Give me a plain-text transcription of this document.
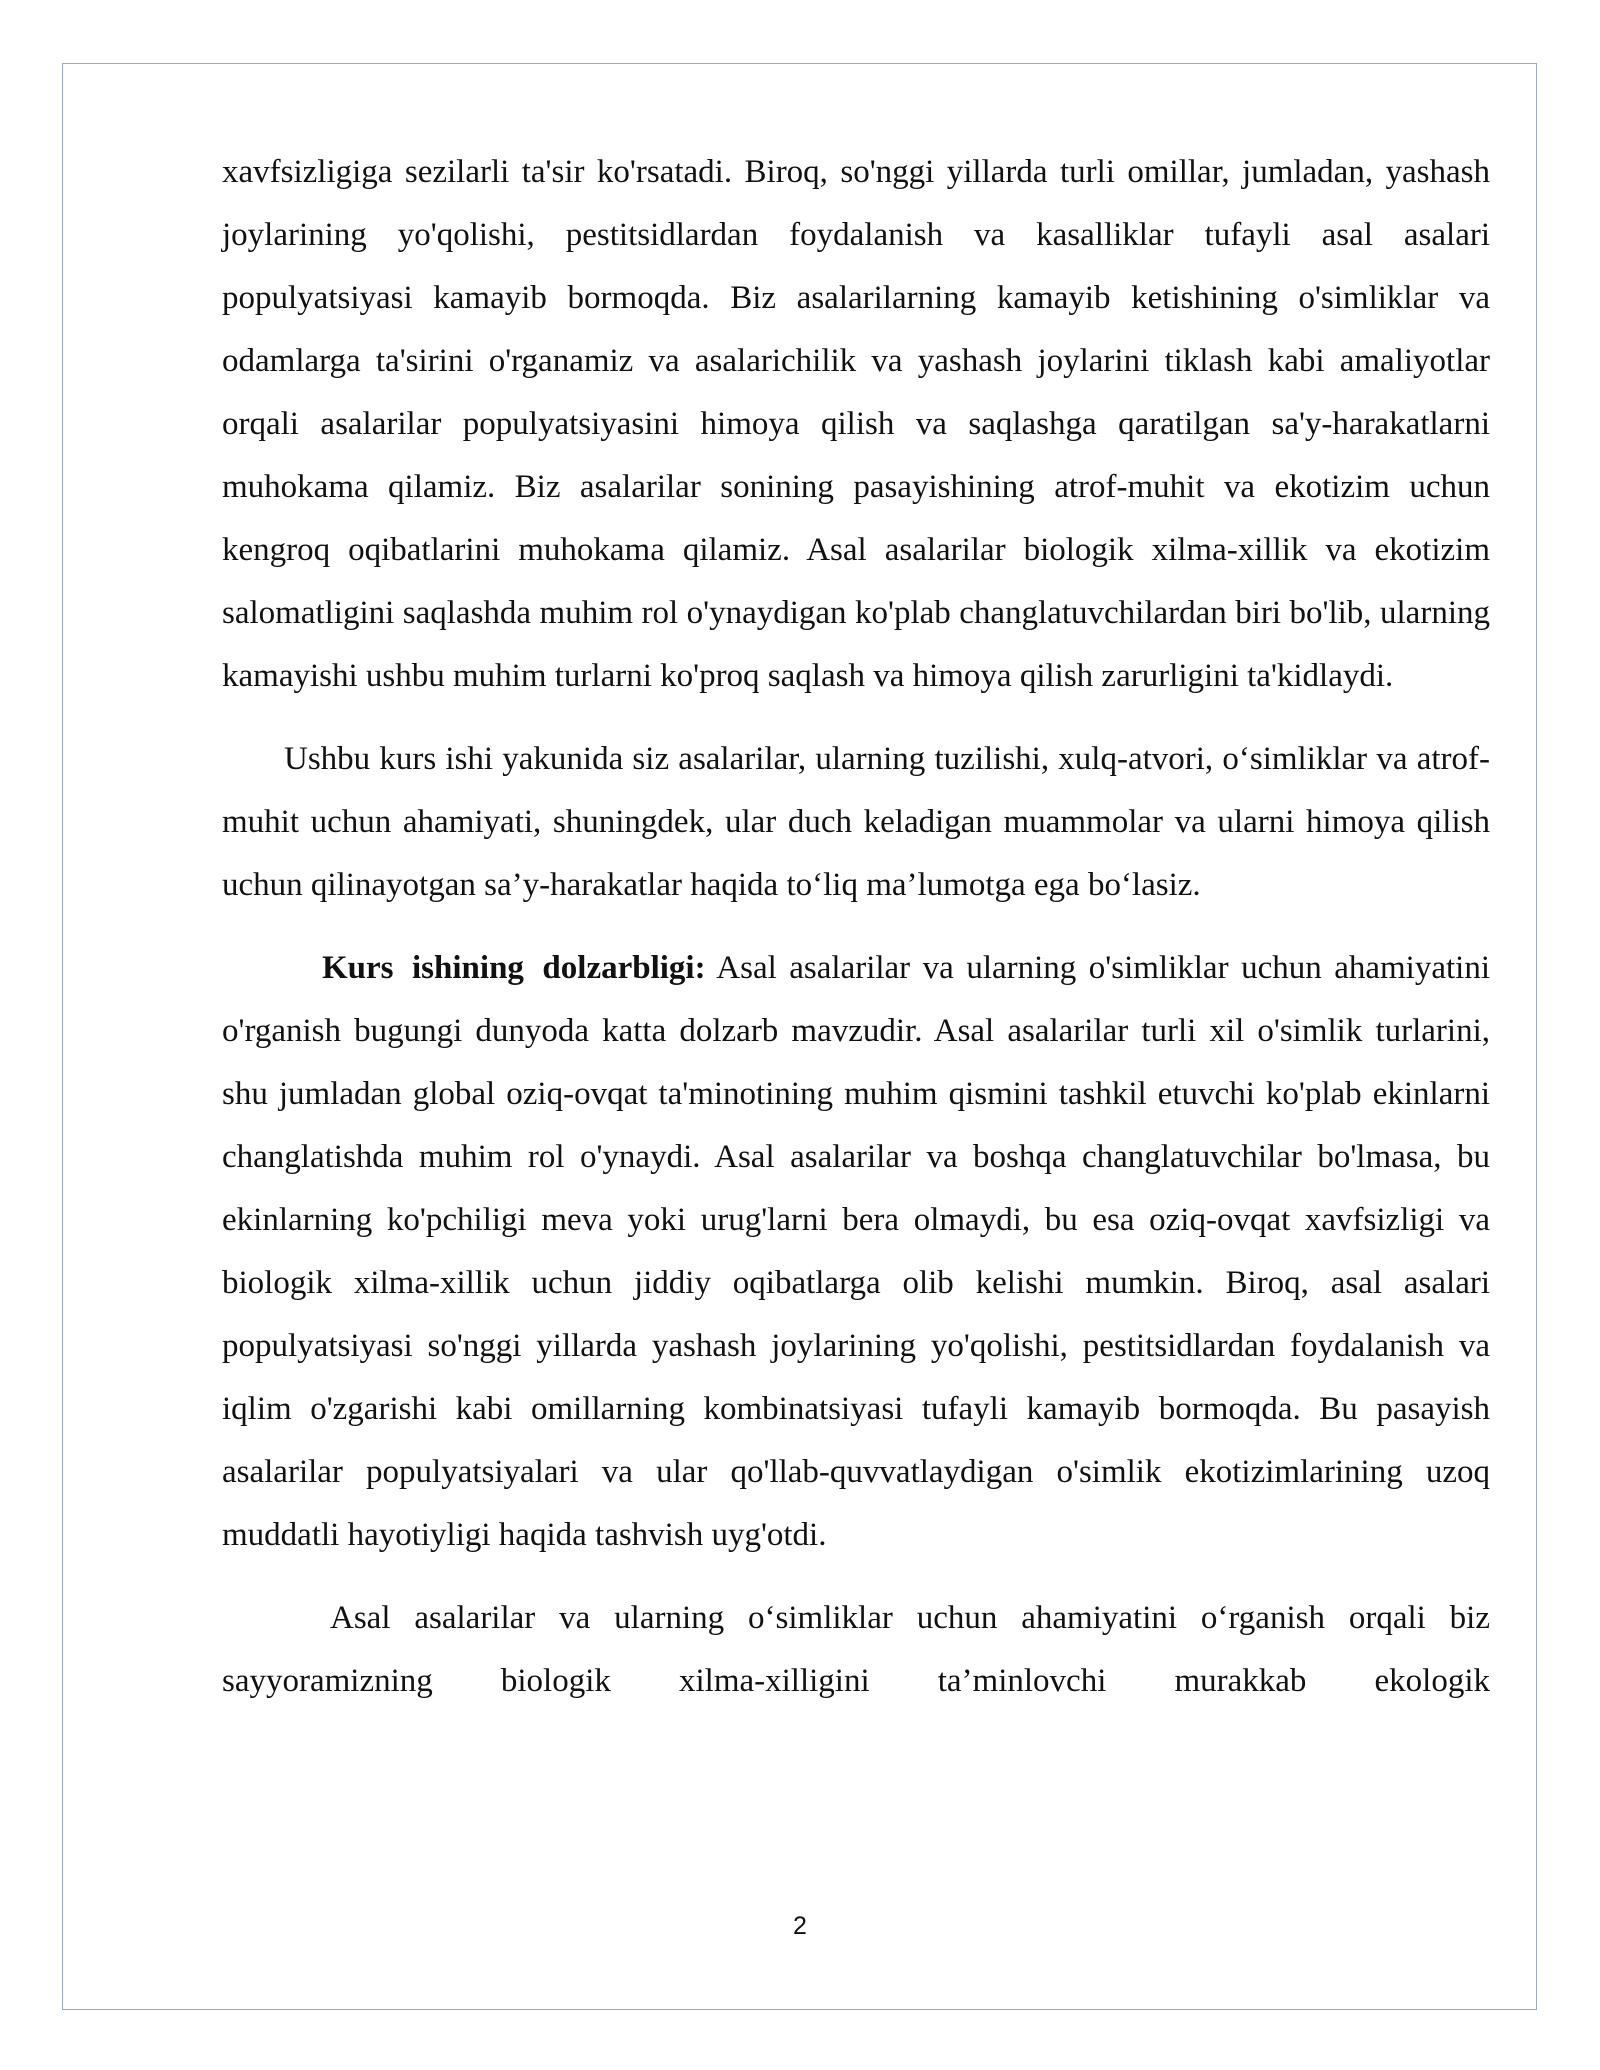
xavfsizligiga sezilarli ta'sir ko'rsatadi. Biroq, so'nggi yillarda turli omillar, jumladan, yashash joylarining yo'qolishi, pestitsidlardan foydalanish va kasalliklar tufayli asal asalari populyatsiyasi kamayib bormoqda. Biz asalarilarning kamayib ketishining o'simliklar va odamlarga ta'sirini o'rganamiz va asalarichilik va yashash joylarini tiklash kabi amaliyotlar orqali asalarilar populyatsiyasini himoya qilish va saqlashga qaratilgan sa'y-harakatlarni muhokama qilamiz. Biz asalarilar sonining pasayishining atrof-muhit va ekotizim uchun kengroq oqibatlarini muhokama qilamiz. Asal asalarilar biologik xilma-xillik va ekotizim salomatligini saqlashda muhim rol o'ynaydigan ko'plab changlatuvchilardan biri bo'lib, ularning kamayishi ushbu muhim turlarni ko'proq saqlash va himoya qilish zarurligini ta'kidlaydi.

Ushbu kurs ishi yakunida siz asalarilar, ularning tuzilishi, xulq-atvori, o‘simliklar va atrof-muhit uchun ahamiyati, shuningdek, ular duch keladigan muammolar va ularni himoya qilish uchun qilinayotgan sa’y-harakatlar haqida to‘liq ma’lumotga ega bo‘lasiz.

Kurs ishining dolzarbligi: Asal asalarilar va ularning o'simliklar uchun ahamiyatini o'rganish bugungi dunyoda katta dolzarb mavzudir. Asal asalarilar turli xil o'simlik turlarini, shu jumladan global oziq-ovqat ta'minotining muhim qismini tashkil etuvchi ko'plab ekinlarni changlatishda muhim rol o'ynaydi. Asal asalarilar va boshqa changlatuvchilar bo'lmasa, bu ekinlarning ko'pchiligi meva yoki urug'larni bera olmaydi, bu esa oziq-ovqat xavfsizligi va biologik xilma-xillik uchun jiddiy oqibatlarga olib kelishi mumkin. Biroq, asal asalari populyatsiyasi so'nggi yillarda yashash joylarining yo'qolishi, pestitsidlardan foydalanish va iqlim o'zgarishi kabi omillarning kombinatsiyasi tufayli kamayib bormoqda. Bu pasayish asalarilar populyatsiyalari va ular qo'llab-quvvatlaydigan o'simlik ekotizimlarining uzoq muddatli hayotiyligi haqida tashvish uyg'otdi.

Asal asalarilar va ularning o‘simliklar uchun ahamiyatini o‘rganish orqali biz sayyoramizning biologik xilma-xilligini ta’minlovchi murakkab ekologik

2
